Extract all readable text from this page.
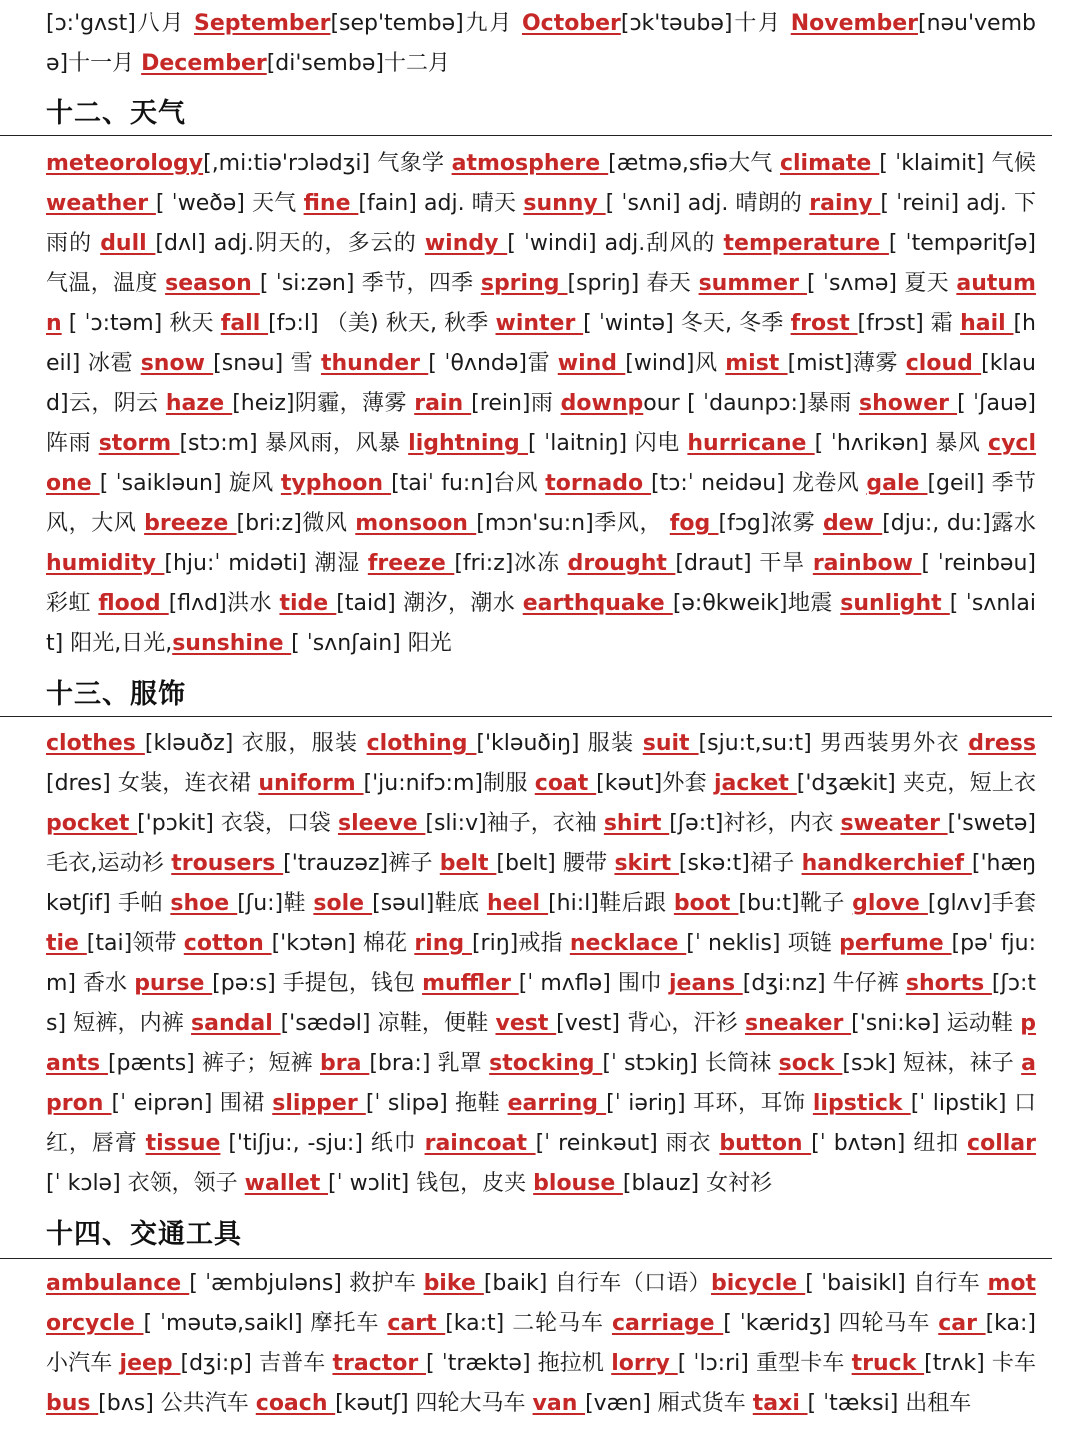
[ɔ:'gʌst]八月 September[sep'tembə]九月 October[ɔk'təubə]十月 November[nəu'vembə]十一月 December[di'sembə]十二月
十二、天气
meteorology[,mi:tiə'rɔlədʒi] 气象学 atmosphere [ætmə,sfiə大气 climate [ ˈklaimit] 气候 weather [ ˈweðə] 天气 fine [fain] adj. 晴天 sunny [ ˈsʌni] adj. 晴朗的 rainy [ ˈreini] adj. 下雨的 dull [dʌl] adj.阴天的，多云的 windy [ ˈwindi] adj.刮风的 temperature [ ˈtempəritʃə] 气温，温度 season [ ˈsi:zən] 季节，四季 spring [spriŋ] 春天 summer [ ˈsʌmə] 夏天 autumn [ ˈɔ:təm] 秋天 fall [fɔ:l] （美) 秋天, 秋季 winter [ ˈwintə] 冬天, 冬季 frost [frɔst] 霜 hail [heil] 冰雹 snow [snəu] 雪 thunder [ ˈθʌndə]雷 wind [wind]风 mist [mist]薄雾 cloud [klaud]云，阴云 haze [heiz]阴霾，薄雾 rain [rein]雨 downpour [ ˈdaunpɔ:]暴雨 shower [ ˈʃauə]阵雨 storm [stɔ:m] 暴风雨，风暴 lightning [ ˈlaitniŋ] 闪电 hurricane [ ˈhʌrikən] 暴风 cyclone [ ˈsaikləun] 旋风 typhoon [taiˈ fu:n]台风 tornado [tɔ:ˈ neidəu] 龙卷风 gale [geil] 季节风，大风 breeze [bri:z]微风 monsoon [mɔn'su:n]季风， fog [fɔg]浓雾 dew [dju:, du:]露水 humidity [hju:ˈ midəti] 潮湿 freeze [fri:z]冰冻 drought [draut] 干旱 rainbow [ ˈreinbəu] 彩虹 flood [flʌd]洪水 tide [taid] 潮汐，潮水 earthquake [ə:θkweik]地震 sunlight [ ˈsʌnlait] 阳光,日光,sunshine [ ˈsʌnʃain] 阳光
十三、服饰
clothes [kləuðz] 衣服，服装 clothing ['kləuðiŋ] 服装 suit [sju:t,su:t] 男西装男外衣 dress [dres] 女装，连衣裙 uniform ['ju:nifɔ:m]制服 coat [kəut]外套 jacket ['dʒækit] 夹克，短上衣 pocket ['pɔkit] 衣袋，口袋 sleeve [sli:v]袖子，衣袖 shirt [ʃə:t]衬衫，内衣 sweater ['swetə]毛衣,运动衫 trousers ['trauzəz]裤子 belt [belt] 腰带 skirt [skə:t]裙子 handkerchief ['hæŋkətʃif] 手帕 shoe [ʃu:]鞋 sole [səul]鞋底 heel [hi:l]鞋后跟 boot [bu:t]靴子 glove [glʌv]手套 tie [tai]领带 cotton ['kɔtən] 棉花 ring [riŋ]戒指 necklace [ˈ neklis] 项链 perfume [pəˈ fju:m] 香水 purse [pə:s] 手提包，钱包 muffler [ˈ mʌflə] 围巾 jeans [dʒi:nz] 牛仔裤 shorts [ʃɔ:ts] 短裤，内裤 sandal ['sædəl] 凉鞋，便鞋 vest [vest] 背心，汗衫 sneaker ['sni:kə] 运动鞋 pants [pænts] 裤子；短裤 bra [bra:] 乳罩 stocking [ˈ stɔkiŋ] 长筒袜 sock [sɔk] 短袜，袜子 apron [ˈ eiprən] 围裙 slipper [ˈ slipə] 拖鞋 earring [ˈ iəriŋ] 耳环，耳饰 lipstick [ˈ lipstik] 口红，唇膏 tissue ['tiʃju:, -sju:] 纸巾 raincoat [ˈ reinkəut] 雨衣 button [ˈ bʌtən] 纽扣 collar [ˈ kɔlə] 衣领，领子 wallet [ˈ wɔlit] 钱包，皮夹 blouse [blauz] 女衬衫
十四、交通工具
ambulance [ ˈæmbjuləns] 救护车 bike [baik] 自行车（口语）bicycle [ ˈbaisikl] 自行车 motorcycle [ ˈməutə,saikl] 摩托车 cart [ka:t] 二轮马车 carriage [ ˈkæridʒ] 四轮马车 car [ka:] 小汽车 jeep [dʒi:p] 吉普车 tractor [ ˈtræktə] 拖拉机 lorry [ ˈlɔ:ri] 重型卡车 truck [trʌk] 卡车 bus [bʌs] 公共汽车 coach [kəutʃ] 四轮大马车 van [væn] 厢式货车 taxi [ ˈtæksi] 出租车
